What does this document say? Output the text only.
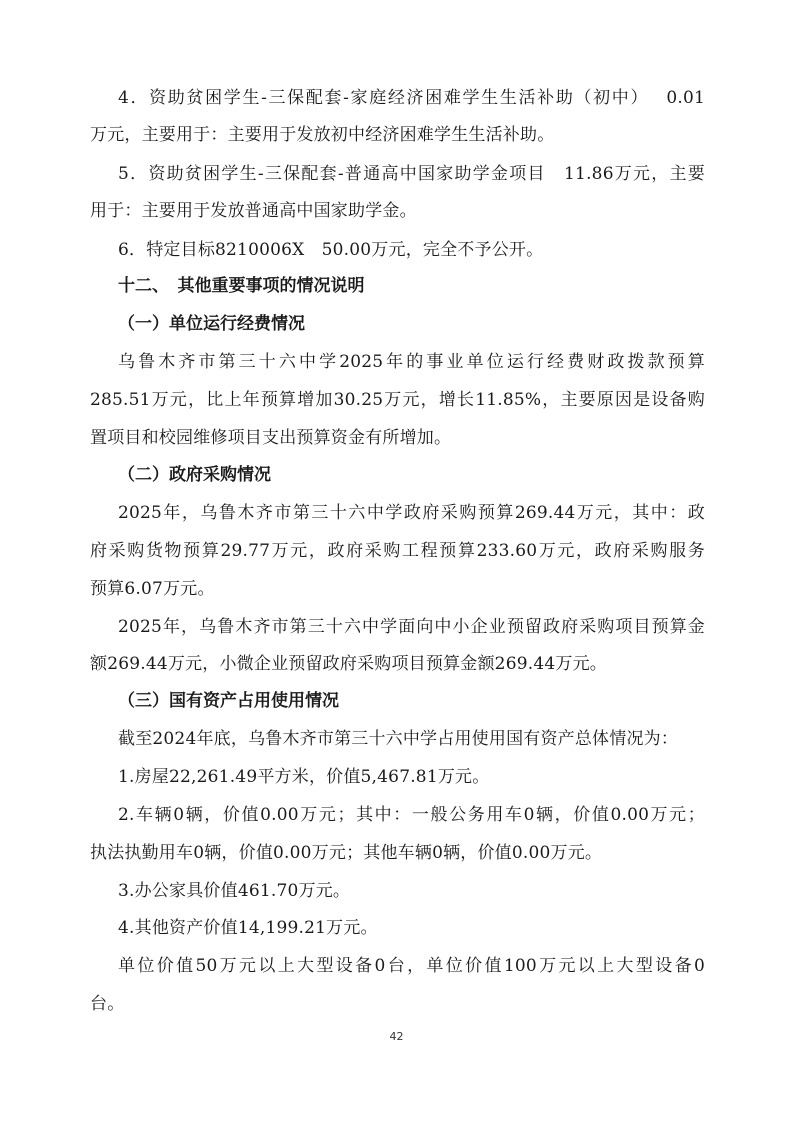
4．资助贫困学生-三保配套-家庭经济困难学生生活补助（初中）　 0.01
万元，主要用于：主要用于发放初中经济困难学生生活补助。
5．资助贫困学生-三保配套-普通高中国家助学金项目　11.86万元，主要
用于：主要用于发放普通高中国家助学金。
6．特定目标8210006X　50.00万元，完全不予公开。
十二、　其他重要事项的情况说明
（一）单位运行经费情况
乌鲁木齐市第三十六中学2025年的事业单位运行经费财政拨款预算
285.51万元，比上年预算增加30.25万元，增长11.85%，主要原因是设备购
置项目和校园维修项目支出预算资金有所增加。
（二）政府采购情况
2025年，乌鲁木齐市第三十六中学政府采购预算269.44万元，其中：政
府采购货物预算29.77万元，政府采购工程预算233.60万元，政府采购服务
预算6.07万元。
2025年，乌鲁木齐市第三十六中学面向中小企业预留政府采购项目预算金
额269.44万元，小微企业预留政府采购项目预算金额269.44万元。
（三）国有资产占用使用情况
截至2024年底，乌鲁木齐市第三十六中学占用使用国有资产总体情况为：
1.房屋22,261.49平方米，价值5,467.81万元。
2.车辆0辆，价值0.00万元；其中：一般公务用车0辆，价值0.00万元；
执法执勤用车0辆，价值0.00万元；其他车辆0辆，价值0.00万元。
3.办公家具价值461.70万元。
4.其他资产价值14,199.21万元。
单位价值50万元以上大型设备0台，单位价值100万元以上大型设备0
台。
42
